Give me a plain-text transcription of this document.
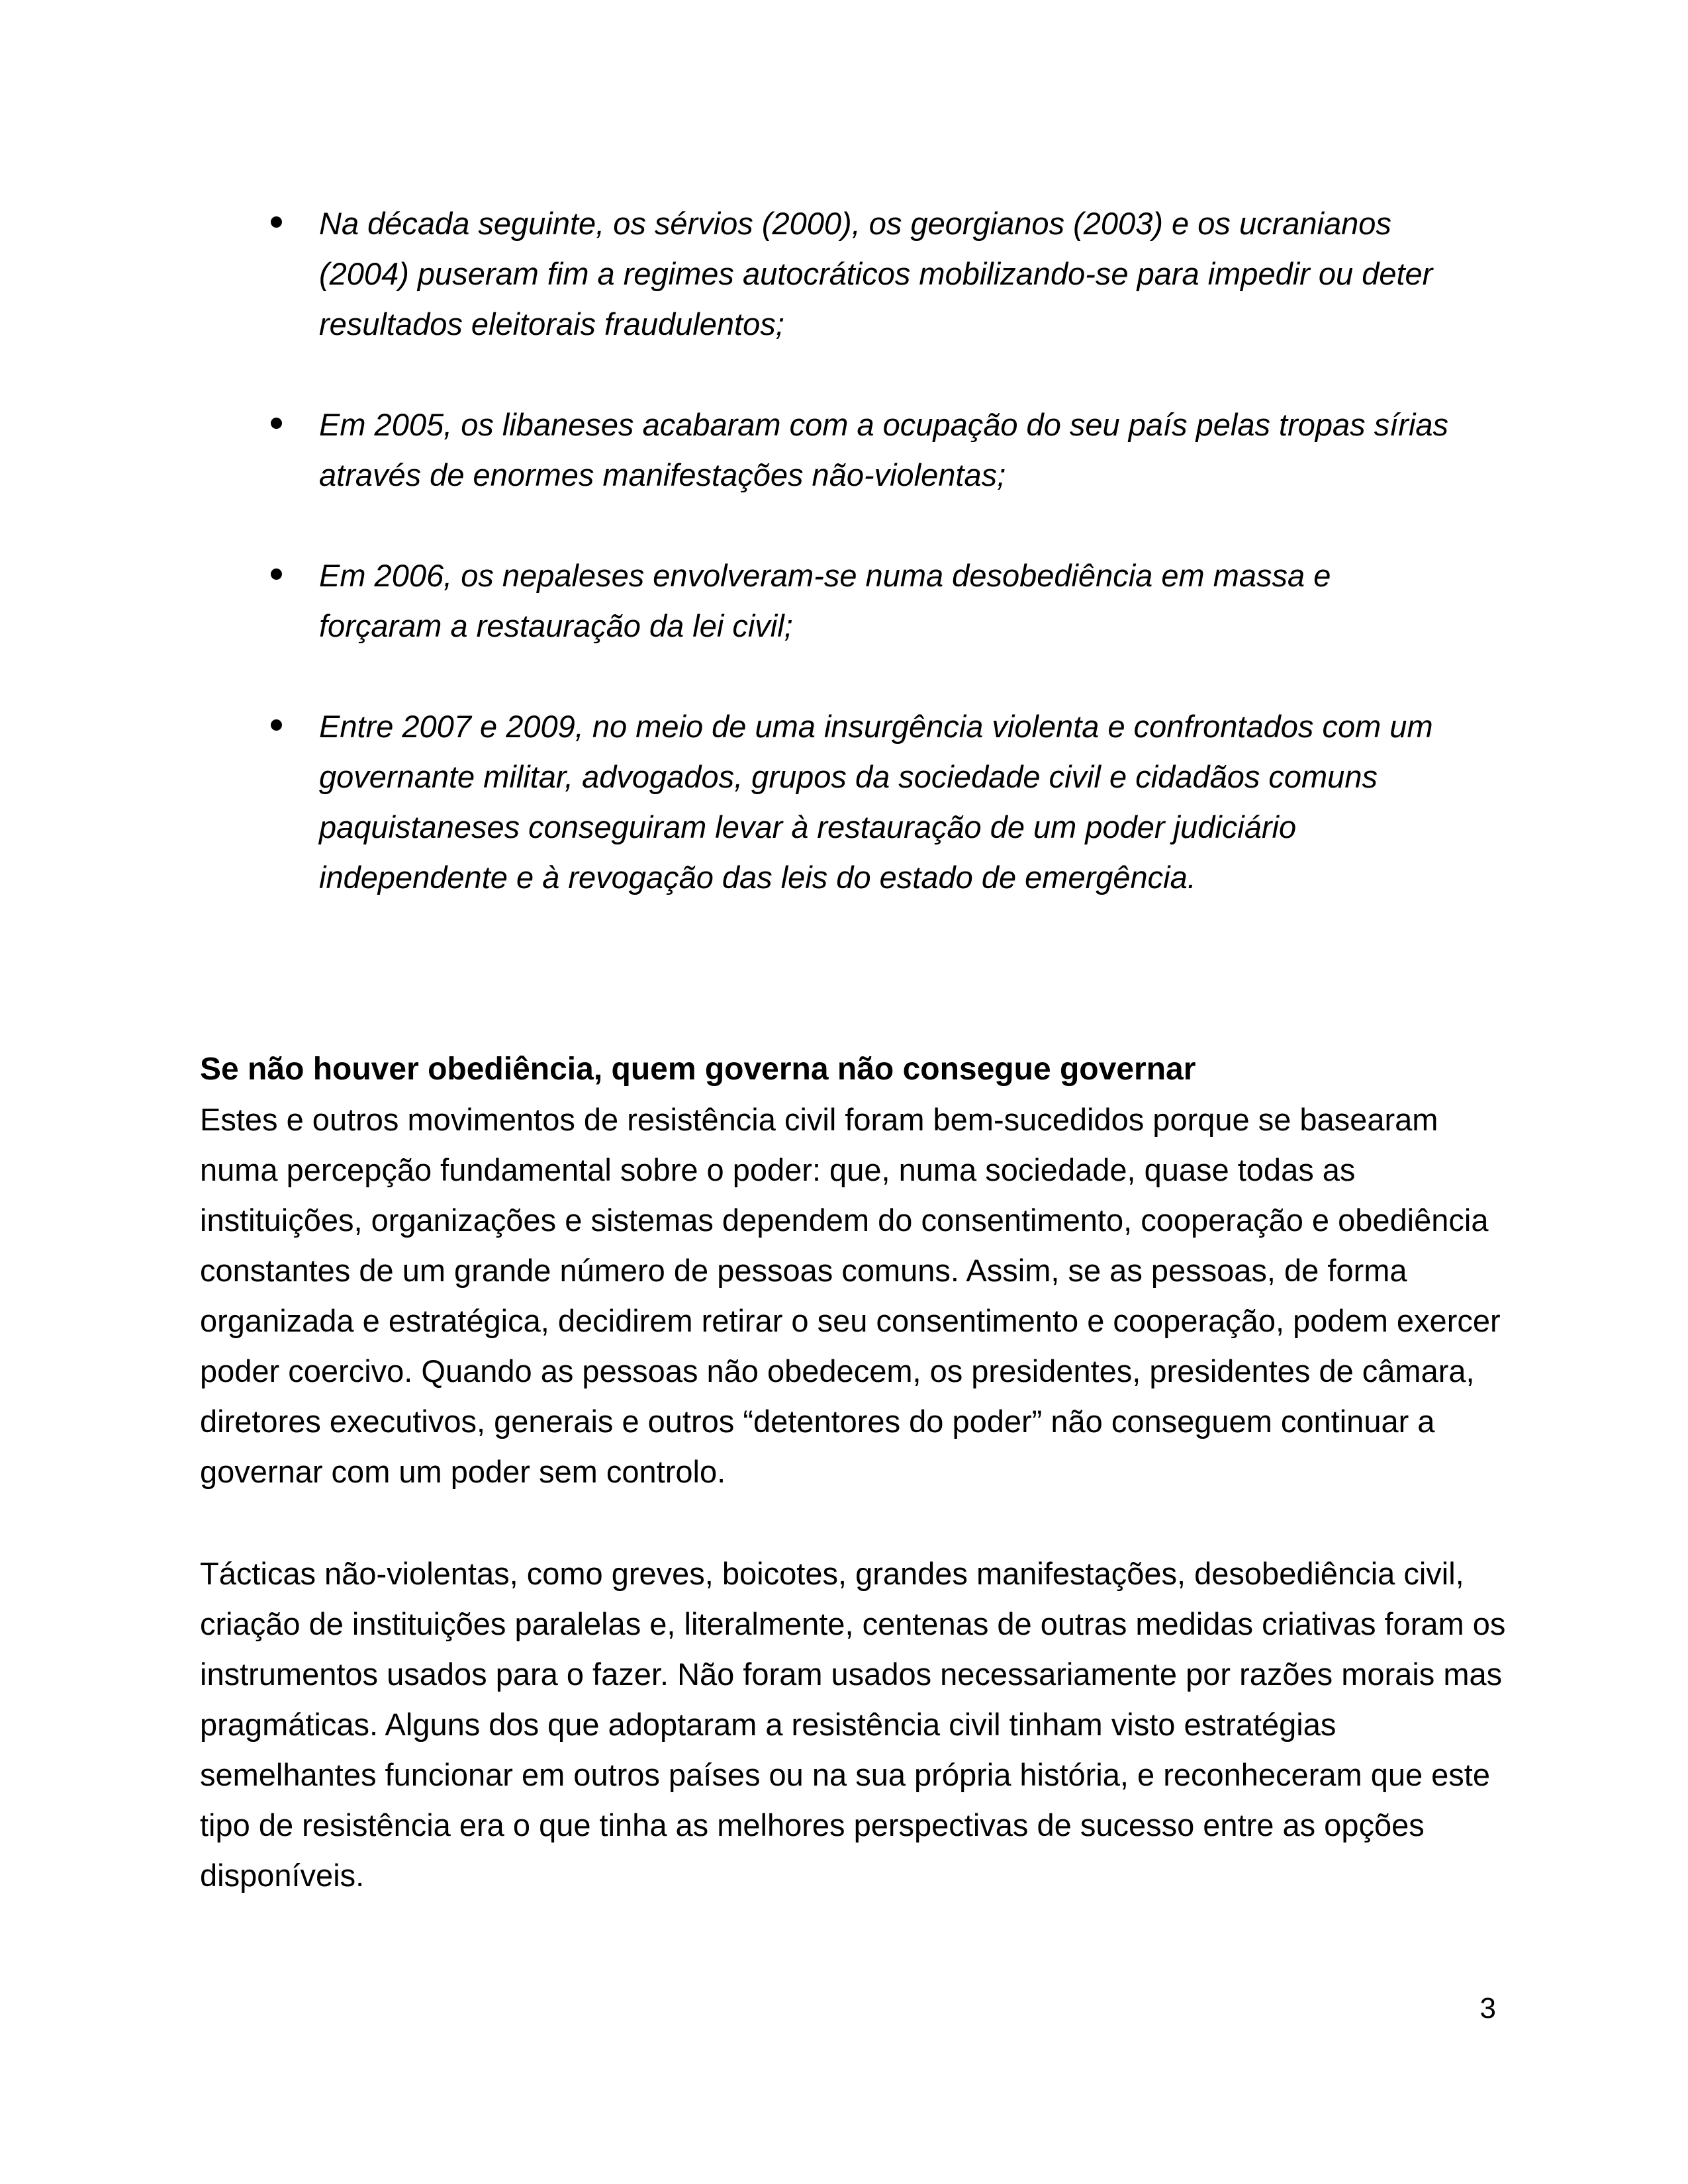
Na década seguinte, os sérvios (2000), os georgianos (2003) e os ucranianos (2004) puseram fim a regimes autocráticos mobilizando-se para impedir ou deter resultados eleitorais fraudulentos;
Em 2005, os libaneses acabaram com a ocupação do seu país pelas tropas sírias através de enormes manifestações não-violentas;
Em 2006, os nepaleses envolveram-se numa desobediência em massa e forçaram a restauração da lei civil;
Entre 2007 e 2009, no meio de uma insurgência violenta e confrontados com um governante militar, advogados, grupos da sociedade civil e cidadãos comuns paquistaneses conseguiram levar à restauração de um poder judiciário independente e à revogação das leis do estado de emergência.
Se não houver obediência, quem governa não consegue governar

Estes e outros movimentos de resistência civil foram bem-sucedidos porque se basearam numa percepção fundamental sobre o poder: que, numa sociedade, quase todas as instituições, organizações e sistemas dependem do consentimento, cooperação e obediência constantes de um grande número de pessoas comuns. Assim, se as pessoas, de forma organizada e estratégica, decidirem retirar o seu consentimento e cooperação, podem exercer poder coercivo. Quando as pessoas não obedecem, os presidentes, presidentes de câmara, diretores executivos, generais e outros “detentores do poder” não conseguem continuar a governar com um poder sem controlo.

Tácticas não-violentas, como greves, boicotes, grandes manifestações, desobediência civil, criação de instituições paralelas e, literalmente, centenas de outras medidas criativas foram os instrumentos usados para o fazer. Não foram usados necessariamente por razões morais mas pragmáticas. Alguns dos que adoptaram a resistência civil tinham visto estratégias semelhantes funcionar em outros países ou na sua própria história, e reconheceram que este tipo de resistência era o que tinha as melhores perspectivas de sucesso entre as opções disponíveis.

3
